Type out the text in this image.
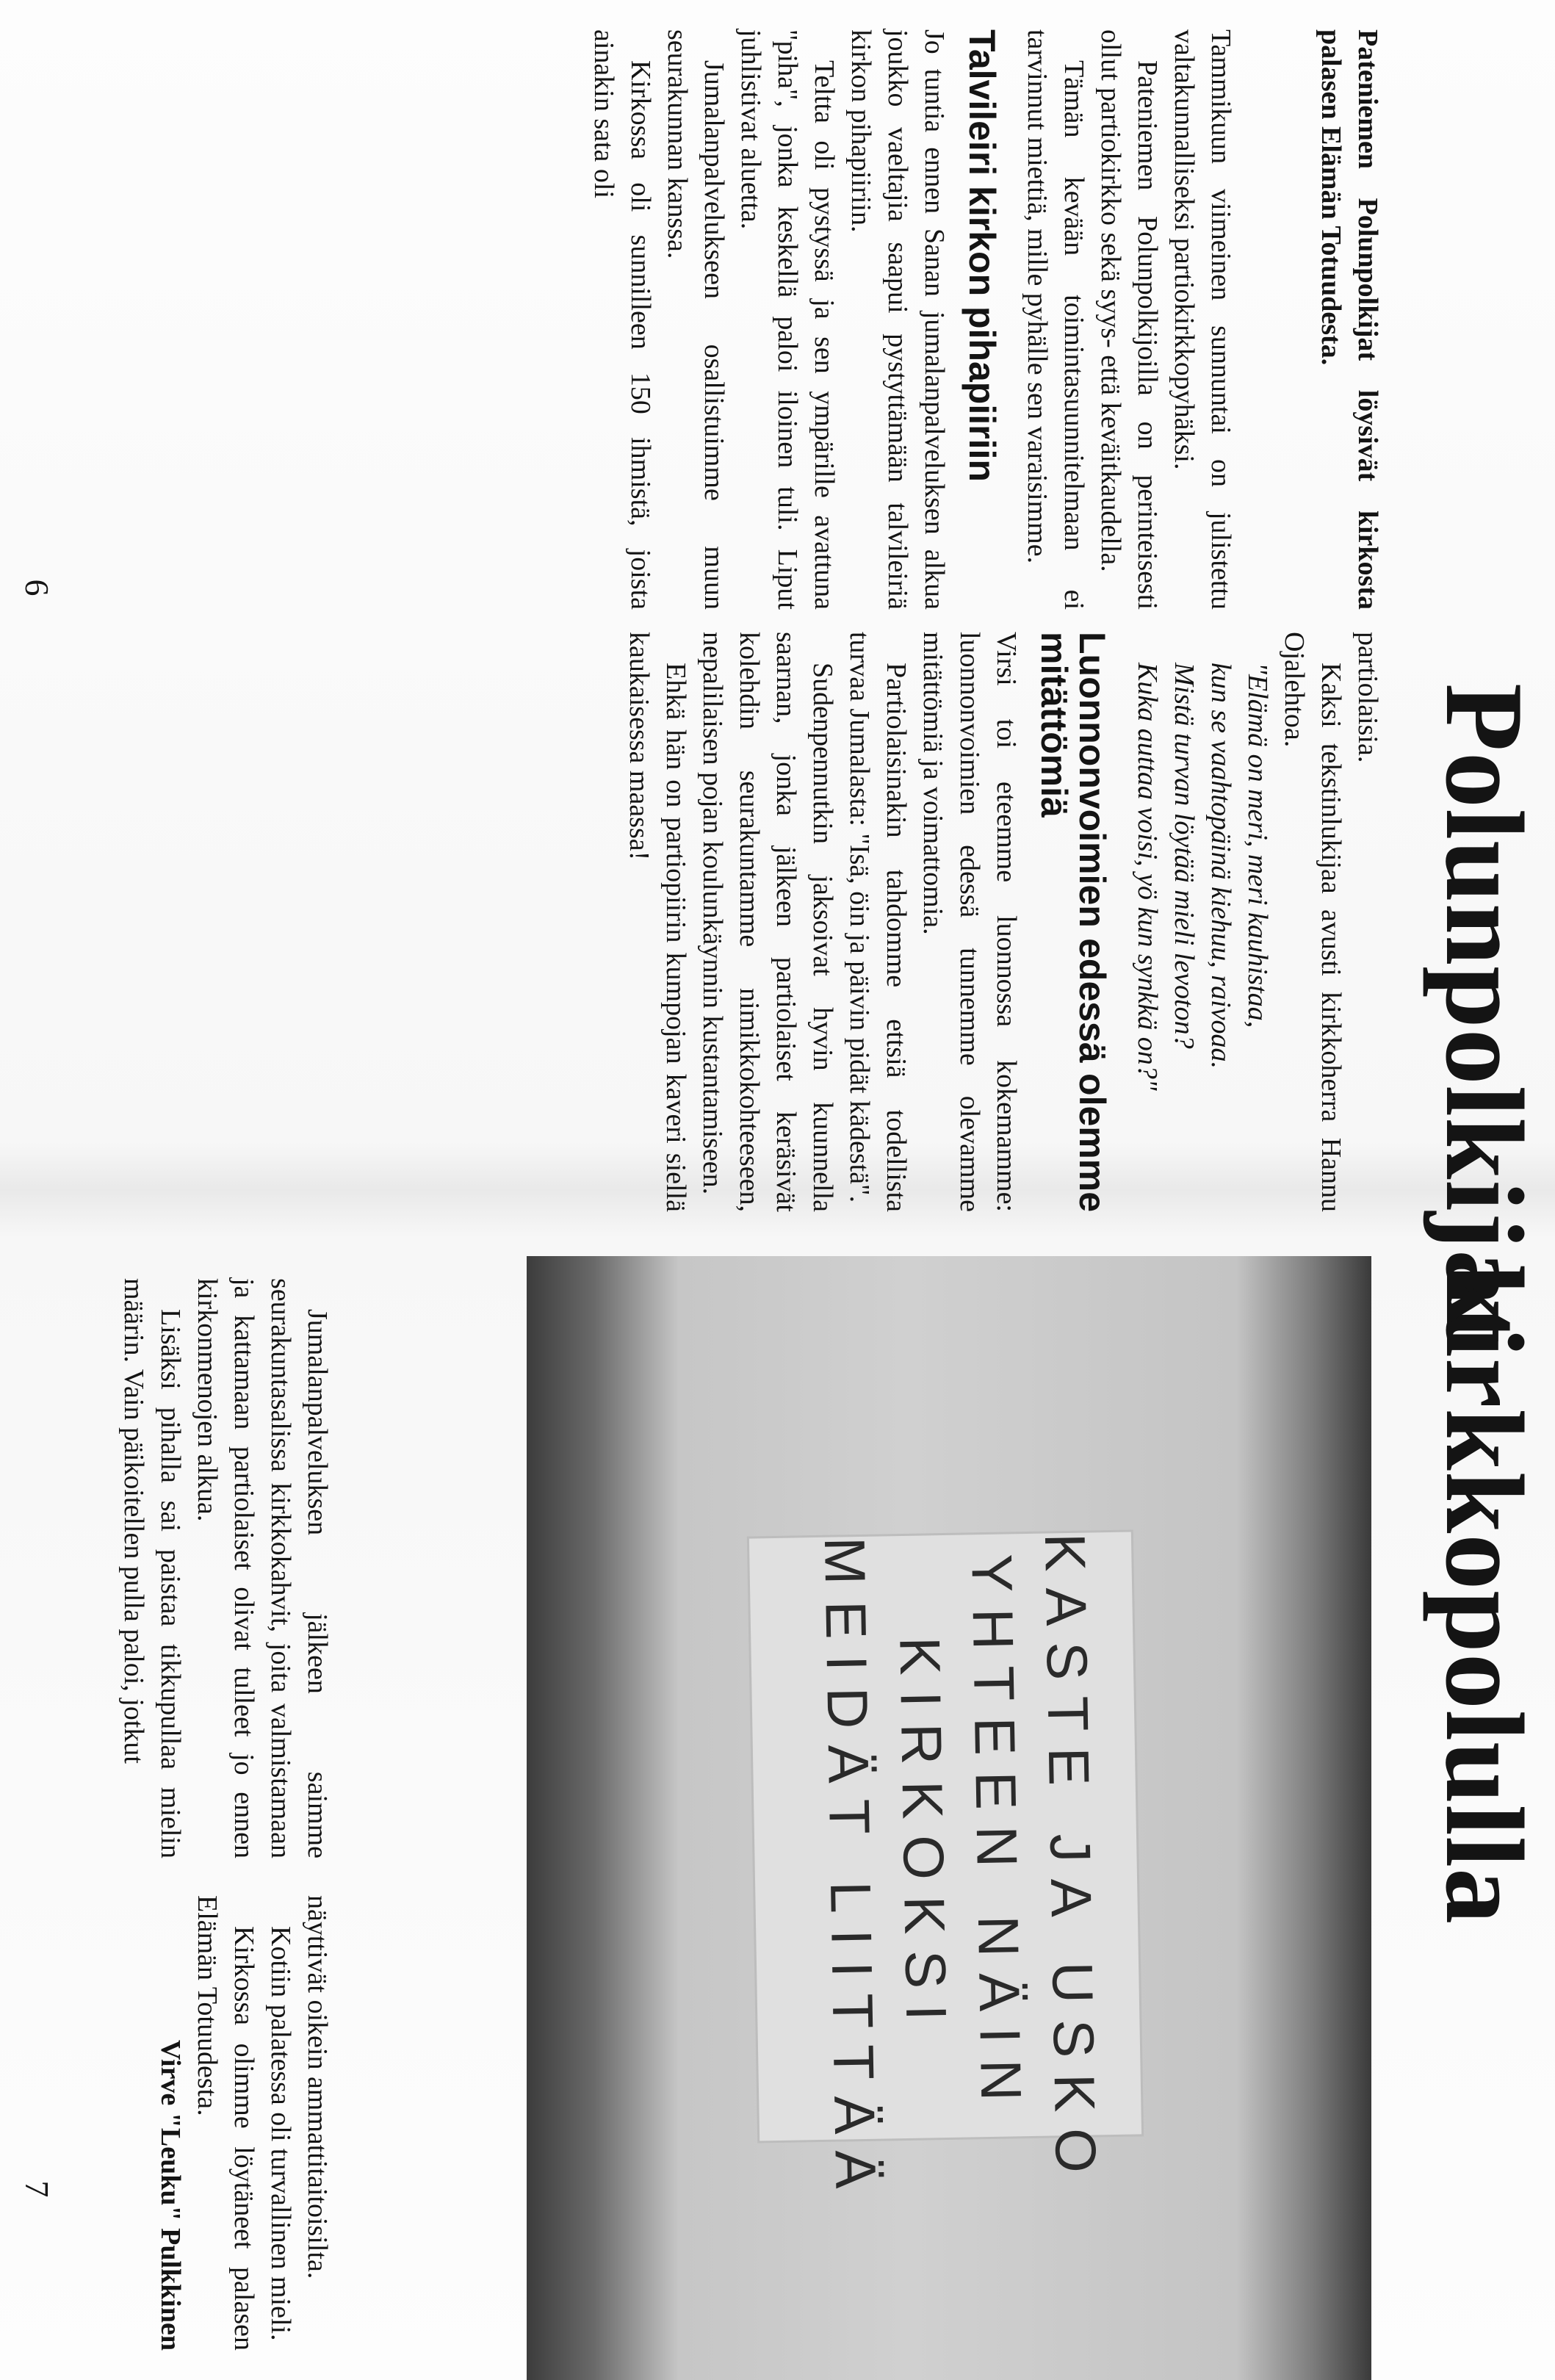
Polunpolkijat

Pateniemen Polunpolkijat löysivät kirkosta palasen Elämän Totuudesta.

Tammikuun viimeinen sunnuntai on julistettu valtakunnalliseksi partiokirkkopyhäksi.

Pateniemen Polunpolkijoilla on perinteisesti ollut partiokirkko sekä syys- että keväitkaudella.

Tämän kevään toimintasuunnitelmaan ei tarvinnut miettiä, mille pyhälle sen varaisimme.

Talvileiri kirkon pihapiiriin

Jo tuntia ennen Sanan jumalanpalveluksen alkua joukko vaeltajia saapui pystyttämään talvileiriä kirkon pihapiiriin.

Teltta oli pystyssä ja sen ympärille avattuna "piha", jonka keskellä paloi iloinen tuli. Liput juhlistivat aluetta.

Jumalanpalvelukseen osallistuimme muun seurakunnan kanssa.

Kirkossa oli sunnilleen 150 ihmistä, joista ainakin sata oli

partiolaisia.

Kaksi tekstinlukijaa avusti kirkkoherra Hannu Ojalehtoa.

"Elämä on meri, meri kauhistaa,

kun se vaahtopäinä kiehuu, raivoaa.

Mistä turvan löytää mieli levoton?

Kuka auttaa voisi, yö kun synkkä on?"

Luonnonvoimien edessä olemme mitättömiä

Virsi toi eteemme luonnossa kokemamme: luonnonvoimien edessä tunnemme olevamme mitättömiä ja voimattomia.

Partiolaisinakin tahdomme ettsiä todellista turvaa Jumalasta: "Isä, öin ja päivin pidät kädestä".

Sudenpennutkin jaksoivat hyvin kuunnella saarnan, jonka jälkeen partiolaiset keräsivät kolehdin seurakuntamme nimikkokohteeseen, nepalilaisen pojan koulunkäynnin kustantamiseen.

Ehkä hän on partiopiirin kumpojan kaveri siellä kaukaisessa maassa!

6
kirkkopolulla
KASTE JA USKO
YHTEEN NÄIN
KIRKOKSI
MEIDÄT LIITTÄÄ

Jumalanpalveluksen jälkeen saimme seurakuntasalissa kirkkokahvit, joita valmistamaan ja kattamaan partiolaiset olivat tulleet jo ennen kirkonmenojen alkua.

Lisäksi pihalla sai paistaa tikkupullaa mielin määrin. Vain päikoitellen pulla paloi, jotkut

näyttivät oikein ammattitaitoisilta.

Kotiin palatessa oli turvallinen mieli.

Kirkossa olimme löytäneet palasen Elämän Totuudesta.

Virve "Leuku" Pulkkinen

7
